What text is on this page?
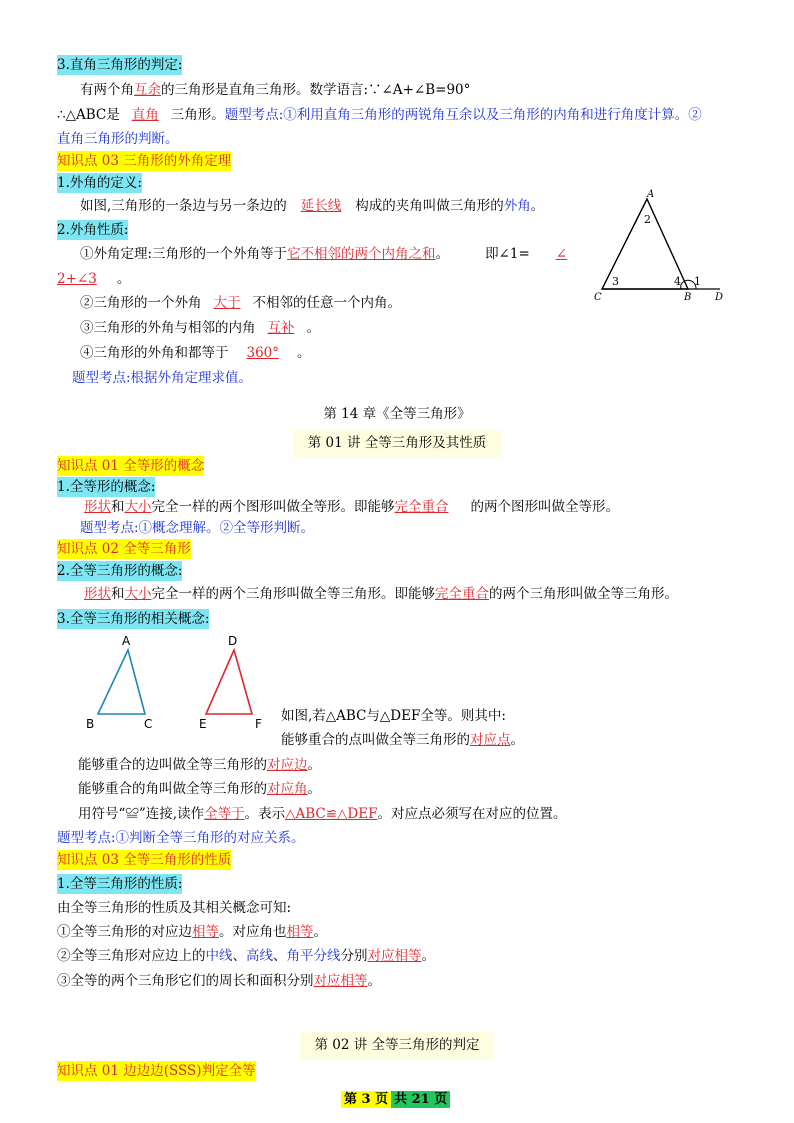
3.直角三角形的判定:
有两个角互余的三角形是直角三角形。数学语言:∵∠A+∠B=90°
∴△ABC是 直角 三角形。题型考点:①利用直角三角形的两锐角互余以及三角形的内角和进行角度计算。②
直角三角形的判断。
知识点 03 三角形的外角定理
1.外角的定义:
如图,三角形的一条边与另一条边的 延长线 构成的夹角叫做三角形的外角。
2.外角性质:
①外角定理:三角形的一个外角等于它不相邻的两个内角之和。	即∠1= ∠
2+∠3 。
②三角形的一个外角 大于 不相邻的任意一个内角。
③三角形的外角与相邻的内角 互补 。
④三角形的外角和都等于 360° 。
题型考点:根据外角定理求值。
A
2
3	4 1
C	B D
第 14 章《全等三角形》
第 01 讲 全等三角形及其性质
知识点 01 全等形的概念
1.全等形的概念:
形状和大小完全一样的两个图形叫做全等形。即能够完全重合 的两个图形叫做全等形。
题型考点:①概念理解。②全等形判断。
知识点 02 全等三角形
2.全等三角形的概念:
形状和大小完全一样的两个三角形叫做全等三角形。即能够完全重合的两个三角形叫做全等三角形。
3.全等三角形的相关概念:
A
B	C
D
E	F 如图,若△ABC与△DEF全等。则其中:
能够重合的点叫做全等三角形的对应点。
能够重合的边叫做全等三角形的对应边。
能够重合的角叫做全等三角形的对应角。
用符号“≌”连接,读作全等于。表示△ABC≌△DEF。对应点必须写在对应的位置。
题型考点:①判断全等三角形的对应关系。
知识点 03 全等三角形的性质
1.全等三角形的性质:
由全等三角形的性质及其相关概念可知:
①全等三角形的对应边相等。对应角也相等。
②全等三角形对应边上的中线、高线、角平分线分别对应相等。
③全等的两个三角形它们的周长和面积分别对应相等。
第 02 讲 全等三角形的判定
知识点 01 边边边(SSS)判定全等
第 3 页 共 21 页
